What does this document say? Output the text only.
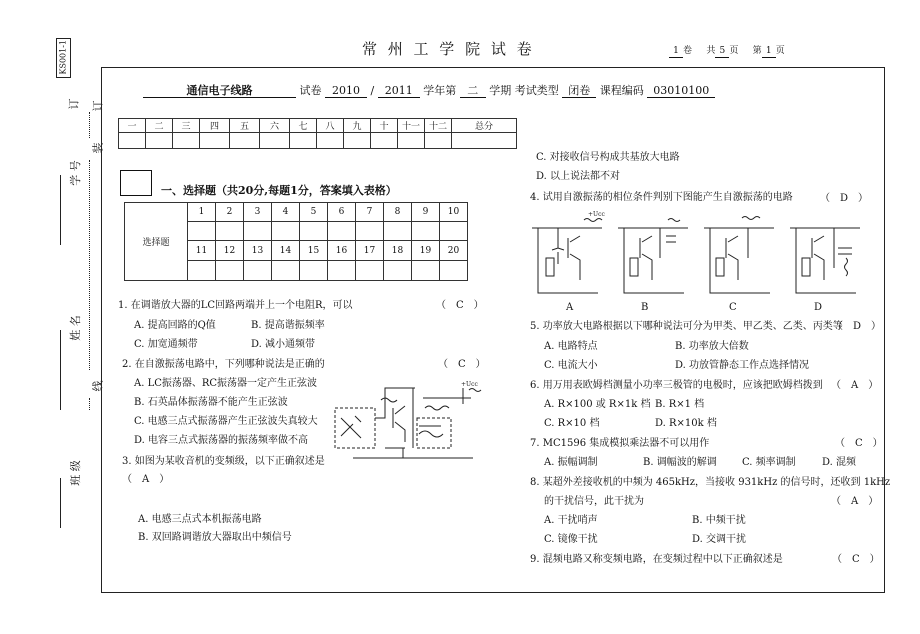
KS001-1
订
学 号
姓 名
班 级
订
装
线
常 州 工 学 院 试 卷	1 卷 共 5 页 第 1 页
通信电子线路	试卷 2010 / 2011 学年第 二 学期 考试类型 闭卷 课程编码 03010100
一	二	三	四	五	六	七	八	九	十	十一	十二	总分

一、选择题（共20分,每题1分，答案填入表格）
选择题	1	2	3	4	5	6	7	8	9	10

	11	12	13	14	15	16	17	18	19	20

1. 在调谐放大器的LC回路两端并上一个电阻R，可以	（　C　）
A. 提高回路的Q值	B. 提高谐振频率
C. 加宽通频带	D. 减小通频带
2. 在自激振荡电路中，下列哪种说法是正确的	（　C　）
A. LC振荡器、RC振荡器一定产生正弦波
B. 石英晶体振荡器不能产生正弦波
C. 电感三点式振荡器产生正弦波失真较大
D. 电容三点式振荡器的振荡频率做不高
3. 如图为某收音机的变频级，以下正确叙述是
（　A　）
A. 电感三点式本机振荡电路
B. 双回路调谐放大器取出中频信号
+Ucc
C. 对接收信号构成共基放大电路
D. 以上说法都不对
4. 试用自激振荡的相位条件判别下图能产生自激振荡的电路	（　D　）
+Ucc
A	B	C	D
5. 功率放大电路根据以下哪种说法可分为甲类、甲乙类、乙类、丙类等
（　D　）
A. 电路特点	B. 功率放大倍数
C. 电流大小	D. 功放管静态工作点选择情况
6. 用万用表欧姆档测量小功率三极管的电极时，应该把欧姆档拨到 （　A　）
A. R×100 或 R×1k 档 B. R×1 档
C. R×10 档	D. R×10k 档
7. MC1596 集成模拟乘法器不可以用作	（　C　）
A. 振幅调制	B. 调幅波的解调	C. 频率调制	D. 混频
8. 某超外差接收机的中频为 465kHz，当接收 931kHz 的信号时，还收到 1kHz
的干扰信号，此干扰为	（　A　）
A. 干扰哨声	B. 中频干扰
C. 镜像干扰	D. 交调干扰
9. 混频电路又称变频电路，在变频过程中以下正确叙述是	（　C　）
